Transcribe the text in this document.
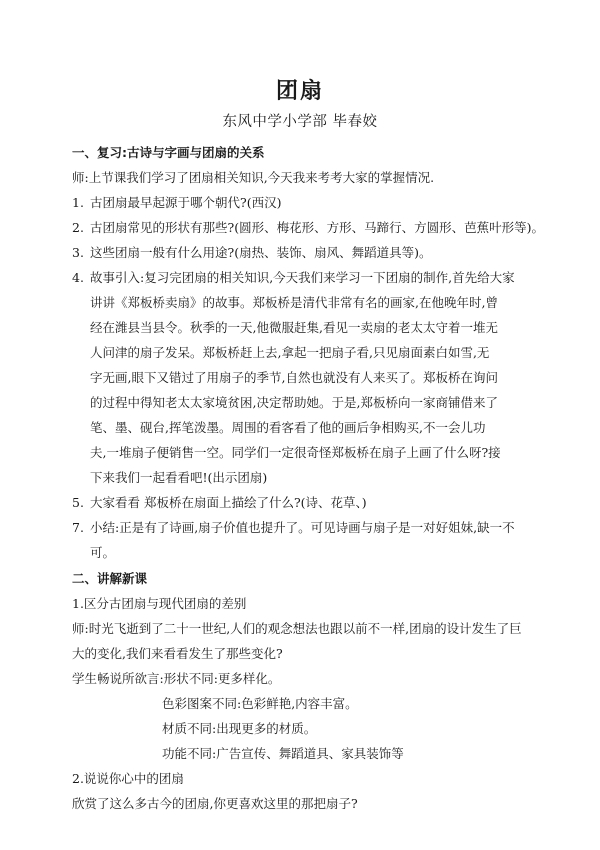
团扇
东风中学小学部 毕春姣
一、复习:古诗与字画与团扇的关系
师:上节课我们学习了团扇相关知识,今天我来考考大家的掌握情况.
1. 古团扇最早起源于哪个朝代?(西汉)
2. 古团扇常见的形状有那些?(圆形、梅花形、方形、马蹄行、方圆形、芭蕉叶形等)。
3. 这些团扇一般有什么用途?(扇热、装饰、扇风、舞蹈道具等)。
4. 故事引入:复习完团扇的相关知识,今天我们来学习一下团扇的制作,首先给大家
讲讲《郑板桥卖扇》的故事。郑板桥是清代非常有名的画家,在他晚年时,曾
经在潍县当县令。秋季的一天,他微服赶集,看见一卖扇的老太太守着一堆无
人问津的扇子发呆。郑板桥赶上去,拿起一把扇子看,只见扇面素白如雪,无
字无画,眼下又错过了用扇子的季节,自然也就没有人来买了。郑板桥在询问
的过程中得知老太太家境贫困,决定帮助她。于是,郑板桥向一家商铺借来了
笔、墨、砚台,挥笔泼墨。周围的看客看了他的画后争相购买,不一会儿功
夫,一堆扇子便销售一空。同学们一定很奇怪郑板桥在扇子上画了什么呀?接
下来我们一起看看吧!(出示团扇)
5. 大家看看 郑板桥在扇面上描绘了什么?(诗、花草、)
7. 小结:正是有了诗画,扇子价值也提升了。可见诗画与扇子是一对好姐妹,缺一不
可。
二、讲解新课
1.区分古团扇与现代团扇的差别
师:时光飞逝到了二十一世纪,人们的观念想法也跟以前不一样,团扇的设计发生了巨
大的变化,我们来看看发生了那些变化?
学生畅说所欲言:形状不同:更多样化。
色彩图案不同:色彩鲜艳,内容丰富。
材质不同:出现更多的材质。
功能不同:广告宣传、舞蹈道具、家具装饰等
2.说说你心中的团扇
欣赏了这么多古今的团扇,你更喜欢这里的那把扇子?
